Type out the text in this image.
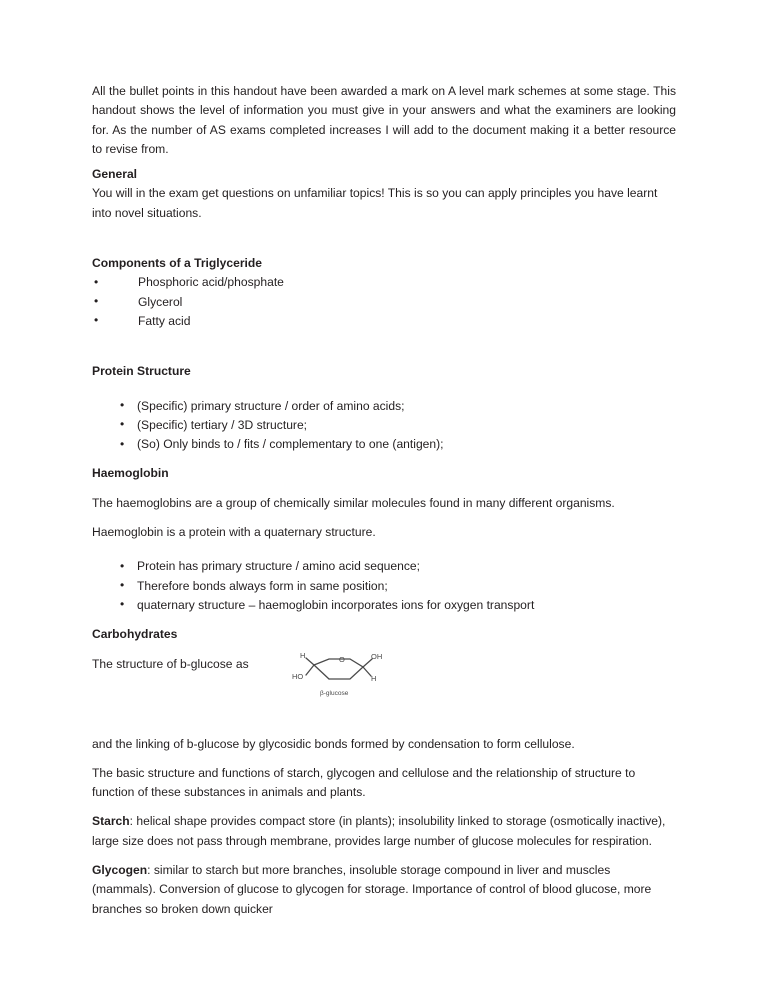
All the bullet points in this handout have been awarded a mark on A level mark schemes at some stage. This handout shows the level of information you must give in your answers and what the examiners are looking for. As the number of AS exams completed increases I will add to the document making it a better resource to revise from.

General

You will in the exam get questions on unfamiliar topics! This is so you can apply principles you have learnt into novel situations.

Components of a Triglyceride
• Phosphoric acid/phosphate
• Glycerol
• Fatty acid
Protein Structure
• (Specific) primary structure / order of amino acids;
• (Specific) tertiary / 3D structure;
• (So) Only binds to / fits / complementary to one (antigen);
Haemoglobin

The haemoglobins are a group of chemically similar molecules found in many different organisms.

Haemoglobin is a protein with a quaternary structure.

• Protein has primary structure / amino acid sequence;
• Therefore bonds always form in same position;
• quaternary structure – haemoglobin incorporates ions for oxygen transport
Carbohydrates
The structure of b-glucose as
H	O	OH
HO	H
β-glucose

and the linking of b-glucose by glycosidic bonds formed by condensation to form cellulose.

The basic structure and functions of starch, glycogen and cellulose and the relationship of structure to function of these substances in animals and plants.

Starch: helical shape provides compact store (in plants); insolubility linked to storage (osmotically inactive), large size does not pass through membrane, provides large number of glucose molecules for respiration.

Glycogen: similar to starch but more branches, insoluble storage compound in liver and muscles (mammals). Conversion of glucose to glycogen for storage. Importance of control of blood glucose, more branches so broken down quicker
